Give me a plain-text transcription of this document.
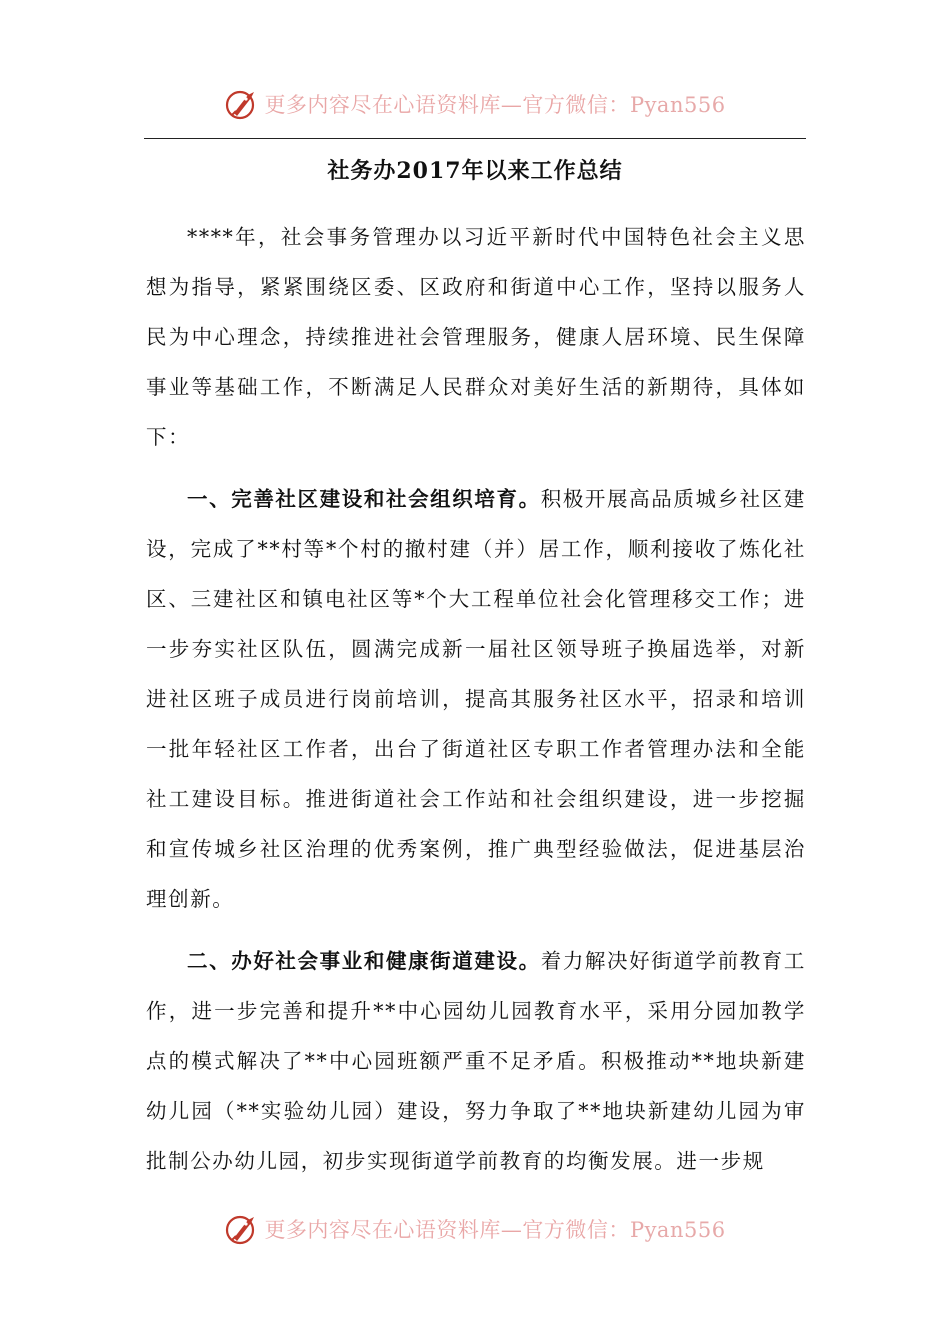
更多内容尽在心语资料库—官方微信：Pyan556
社务办2017年以来工作总结

****年，社会事务管理办以习近平新时代中国特色社会主义思想为指导，紧紧围绕区委、区政府和街道中心工作，坚持以服务人民为中心理念，持续推进社会管理服务，健康人居环境、民生保障事业等基础工作，不断满足人民群众对美好生活的新期待，具体如下：

一、完善社区建设和社会组织培育。积极开展高品质城乡社区建设，完成了**村等*个村的撤村建（并）居工作，顺利接收了炼化社区、三建社区和镇电社区等*个大工程单位社会化管理移交工作；进一步夯实社区队伍，圆满完成新一届社区领导班子换届选举，对新进社区班子成员进行岗前培训，提高其服务社区水平，招录和培训一批年轻社区工作者，出台了街道社区专职工作者管理办法和全能社工建设目标。推进街道社会工作站和社会组织建设，进一步挖掘和宣传城乡社区治理的优秀案例，推广典型经验做法，促进基层治理创新。

二、办好社会事业和健康街道建设。着力解决好街道学前教育工作，进一步完善和提升**中心园幼儿园教育水平，采用分园加教学点的模式解决了**中心园班额严重不足矛盾。积极推动**地块新建幼儿园（**实验幼儿园）建设，努力争取了**地块新建幼儿园为审批制公办幼儿园，初步实现街道学前教育的均衡发展。进一步规

更多内容尽在心语资料库—官方微信：Pyan556
